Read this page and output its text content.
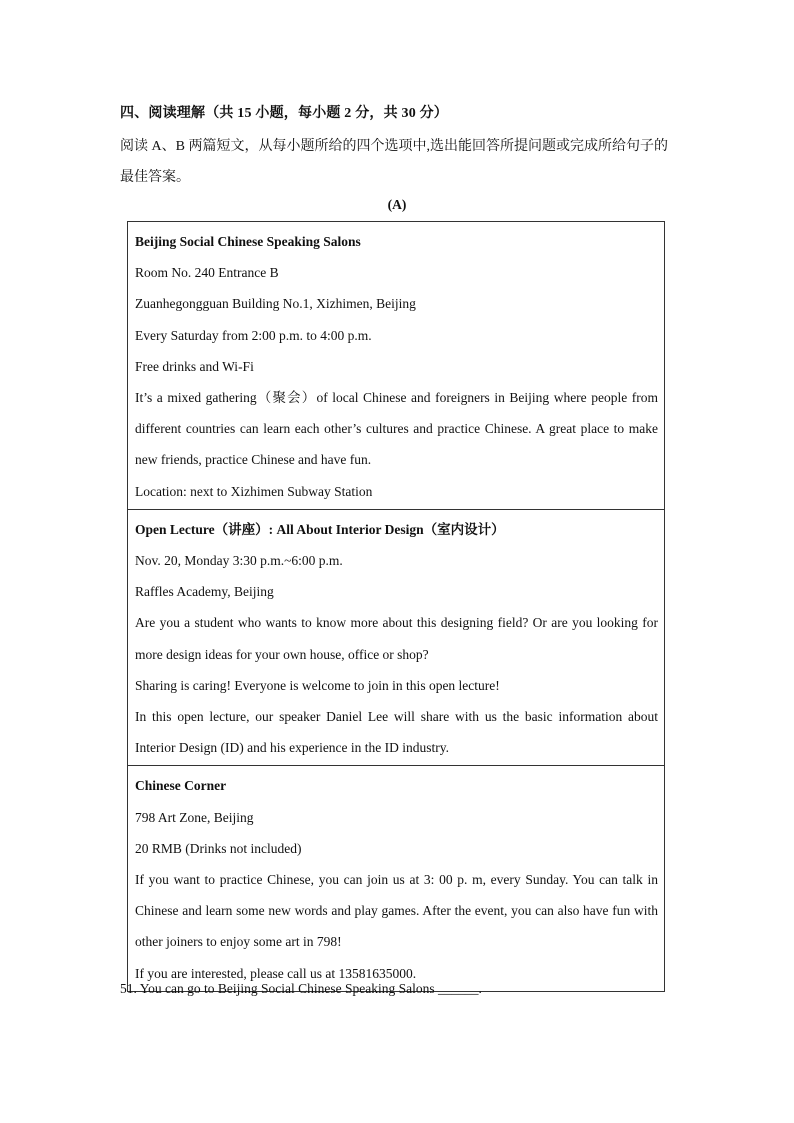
四、阅读理解（共 15 小题，每小题 2 分，共 30 分）
阅读 A、B 两篇短文，从每小题所给的四个选项中,选出能回答所提问题或完成所给句子的最佳答案。
(A)
Beijing Social Chinese Speaking Salons
Room No. 240 Entrance B
Zuanhegongguan Building No.1, Xizhimen, Beijing
Every Saturday from 2:00 p.m. to 4:00 p.m.
Free drinks and Wi-Fi
It’s a mixed gathering（聚会）of local Chinese and foreigners in Beijing where people from different countries can learn each other’s cultures and practice Chinese. A great place to make new friends, practice Chinese and have fun.
Location: next to Xizhimen Subway Station
Open Lecture（讲座）: All About Interior Design（室内设计）
Nov. 20, Monday 3:30 p.m.~6:00 p.m.
Raffles Academy, Beijing
Are you a student who wants to know more about this designing field? Or are you looking for more design ideas for your own house, office or shop?
Sharing is caring! Everyone is welcome to join in this open lecture!
In this open lecture, our speaker Daniel Lee will share with us the basic information about Interior Design (ID) and his experience in the ID industry.
Chinese Corner
798 Art Zone, Beijing
20 RMB (Drinks not included)
If you want to practice Chinese, you can join us at 3: 00 p. m, every Sunday. You can talk in Chinese and learn some new words and play games. After the event, you can also have fun with other joiners to enjoy some art in 798!
If you are interested, please call us at 13581635000.
51. You can go to Beijing Social Chinese Speaking Salons ______.
